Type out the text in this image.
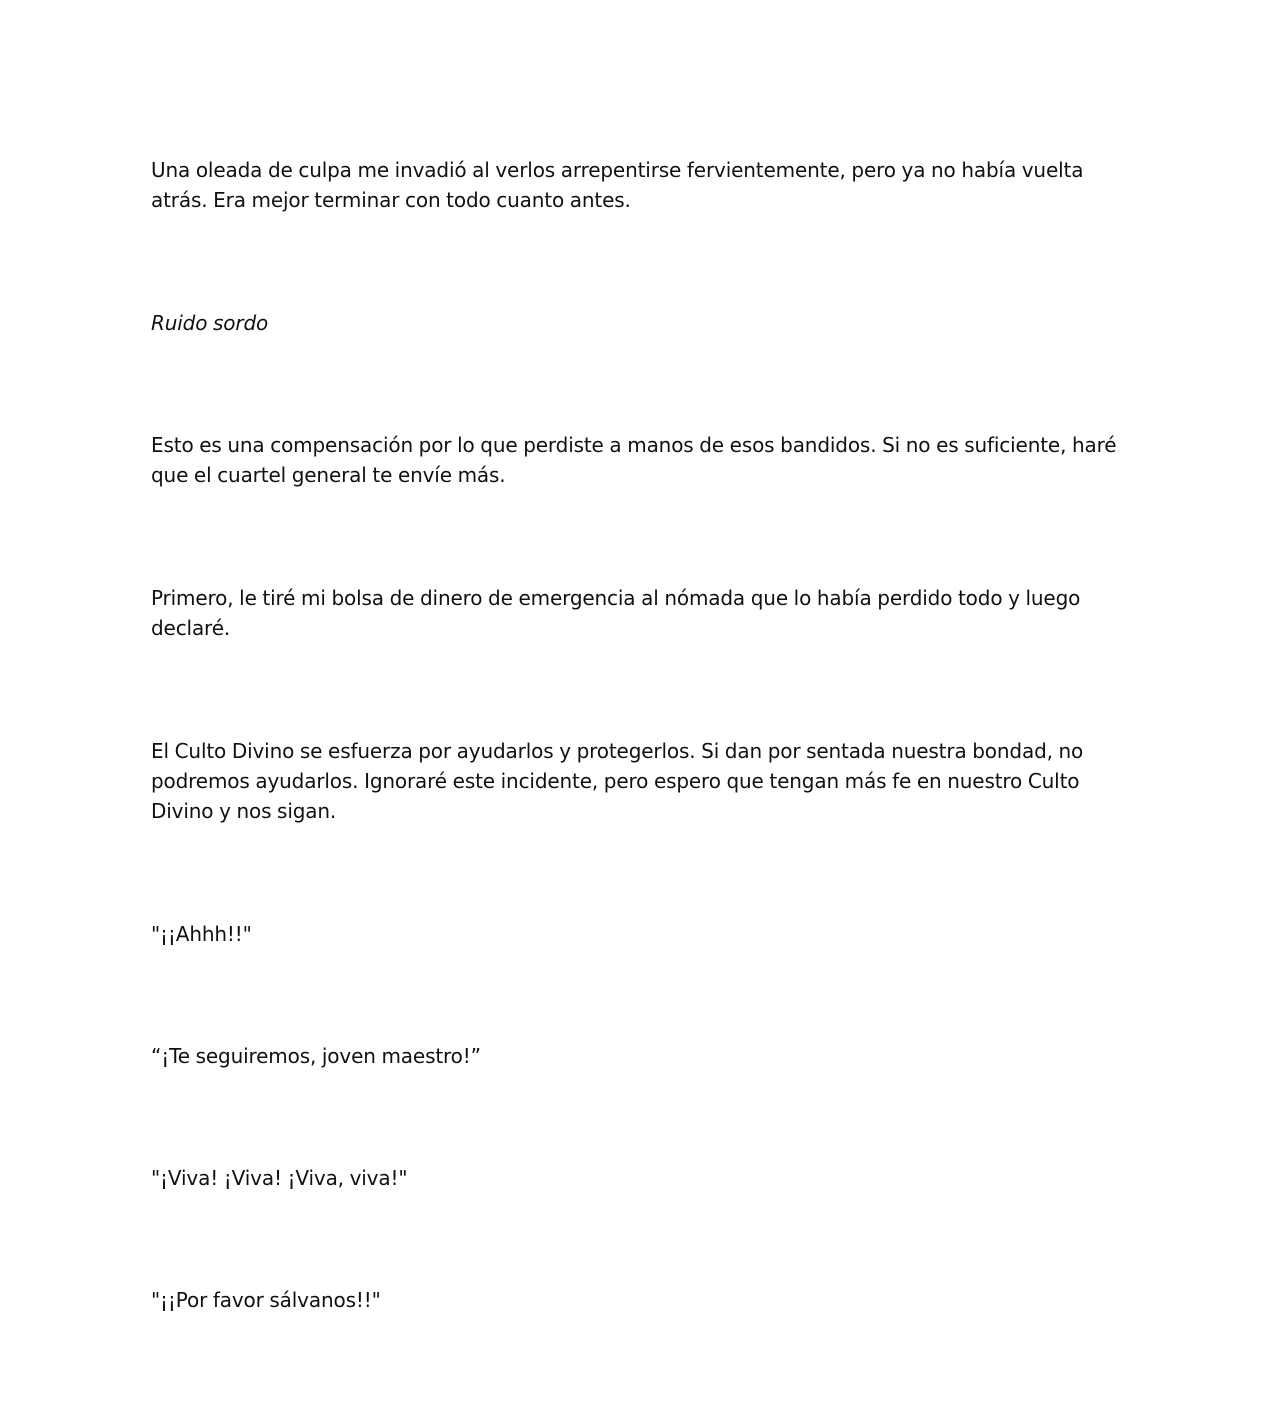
Una oleada de culpa me invadió al verlos arrepentirse fervientemente, pero ya no había vuelta atrás. Era mejor terminar con todo cuanto antes.

Ruido sordo

Esto es una compensación por lo que perdiste a manos de esos bandidos. Si no es suficiente, haré que el cuartel general te envíe más.

Primero, le tiré mi bolsa de dinero de emergencia al nómada que lo había perdido todo y luego declaré.

El Culto Divino se esfuerza por ayudarlos y protegerlos. Si dan por sentada nuestra bondad, no podremos ayudarlos. Ignoraré este incidente, pero espero que tengan más fe en nuestro Culto Divino y nos sigan.

"¡¡Ahhh!!"

“¡Te seguiremos, joven maestro!”

"¡Viva! ¡Viva! ¡Viva, viva!"

"¡¡Por favor sálvanos!!"
